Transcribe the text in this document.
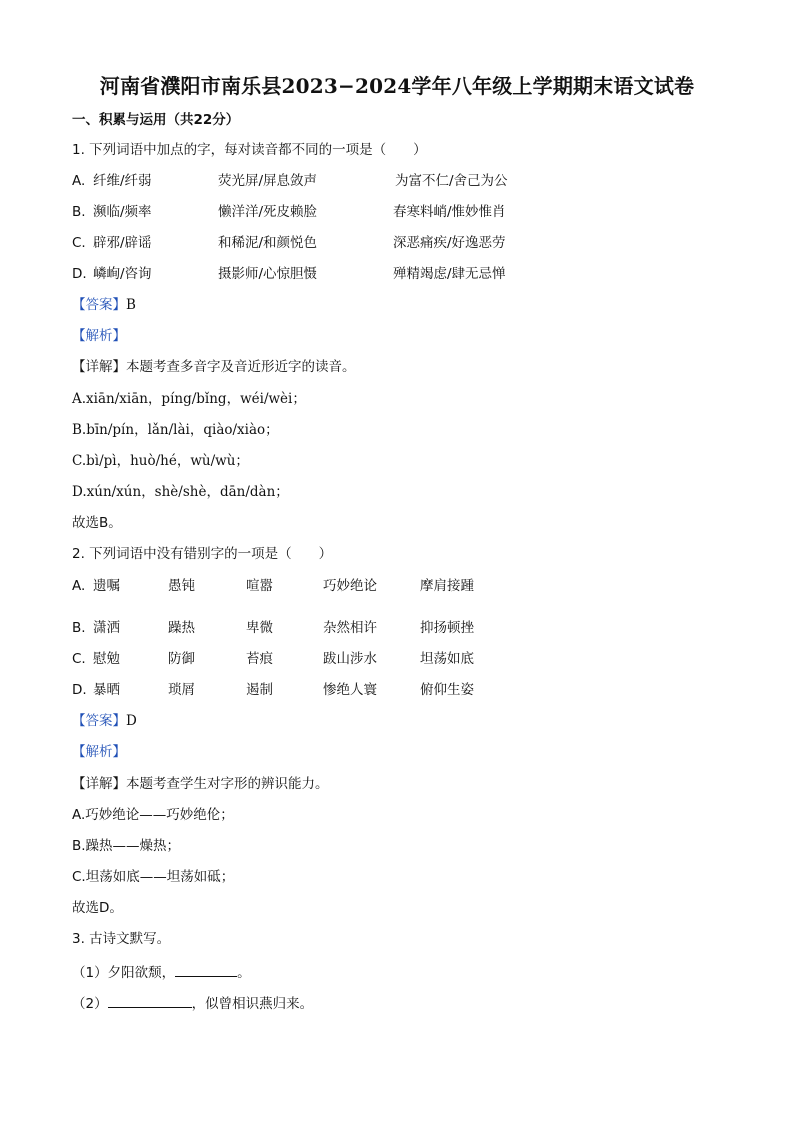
河南省濮阳市南乐县2023−2024学年八年级上学期期末语文试卷
一、积累与运用（共22分）
1. 下列词语中加点的字，每对读音都不同的一项是（　　）
A. 纤维/纤弱	荧光屏/屏息敛声	为富不仁/舍己为公
B. 濒临/频率	懒洋洋/死皮赖脸	春寒料峭/惟妙惟肖
C. 辟邪/辟谣	和稀泥/和颜悦色	深恶痛疾/好逸恶劳
D. 嶙峋/咨询	摄影师/心惊胆慑	殚精竭虑/肆无忌惮
【答案】B
【解析】
【详解】本题考查多音字及音近形近字的读音。
A.xiān/xiān，píng/bǐng，wéi/wèi；
B.bīn/pín，lǎn/lài，qiào/xiào；
C.bì/pì，huò/hé，wù/wù；
D.xún/xún，shè/shè，dān/dàn；
故选B。
2. 下列词语中没有错别字的一项是（　　）
A. 遗嘱	愚钝	喧嚣	巧妙绝论	摩肩接踵
B. 潇洒	躁热	卑微	杂然相许	抑扬顿挫
C. 慰勉	防御	苔痕	跋山涉水	坦荡如底
D. 暴晒	琐屑	遏制	惨绝人寰	俯仰生姿
【答案】D
【解析】
【详解】本题考查学生对字形的辨识能力。
A.巧妙绝论——巧妙绝伦；
B.躁热——燥热；
C.坦荡如底——坦荡如砥；
故选D。
3. 古诗文默写。
（1）夕阳欲颓，	。
（2）	，似曾相识燕归来。
